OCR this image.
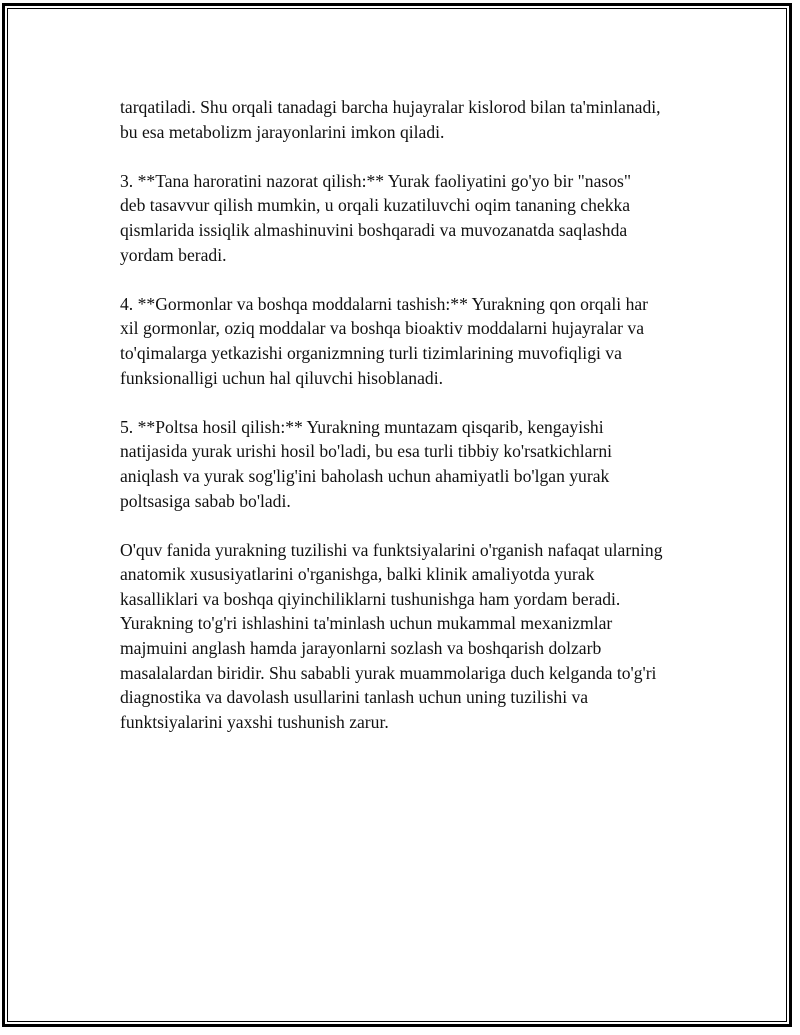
tarqatiladi. Shu orqali tanadagi barcha hujayralar kislorod bilan ta'minlanadi,
bu esa metabolizm jarayonlarini imkon qiladi.

3. **Tana haroratini nazorat qilish:** Yurak faoliyatini go'yo bir "nasos"
deb tasavvur qilish mumkin, u orqali kuzatiluvchi oqim tananing chekka
qismlarida issiqlik almashinuvini boshqaradi va muvozanatda saqlashda
yordam beradi.

4. **Gormonlar va boshqa moddalarni tashish:** Yurakning qon orqali har
xil gormonlar, oziq moddalar va boshqa bioaktiv moddalarni hujayralar va
to'qimalarga yetkazishi organizmning turli tizimlarining muvofiqligi va
funksionalligi uchun hal qiluvchi hisoblanadi.

5. **Poltsa hosil qilish:** Yurakning muntazam qisqarib, kengayishi
natijasida yurak urishi hosil bo'ladi, bu esa turli tibbiy ko'rsatkichlarni
aniqlash va yurak sog'lig'ini baholash uchun ahamiyatli bo'lgan yurak
poltsasiga sabab bo'ladi.

O'quv fanida yurakning tuzilishi va funktsiyalarini o'rganish nafaqat ularning
anatomik xususiyatlarini o'rganishga, balki klinik amaliyotda yurak
kasalliklari va boshqa qiyinchiliklarni tushunishga ham yordam beradi.
Yurakning to'g'ri ishlashini ta'minlash uchun mukammal mexanizmlar
majmuini anglash hamda jarayonlarni sozlash va boshqarish dolzarb
masalalardan biridir. Shu sababli yurak muammolariga duch kelganda to'g'ri
diagnostika va davolash usullarini tanlash uchun uning tuzilishi va
funktsiyalarini yaxshi tushunish zarur.
